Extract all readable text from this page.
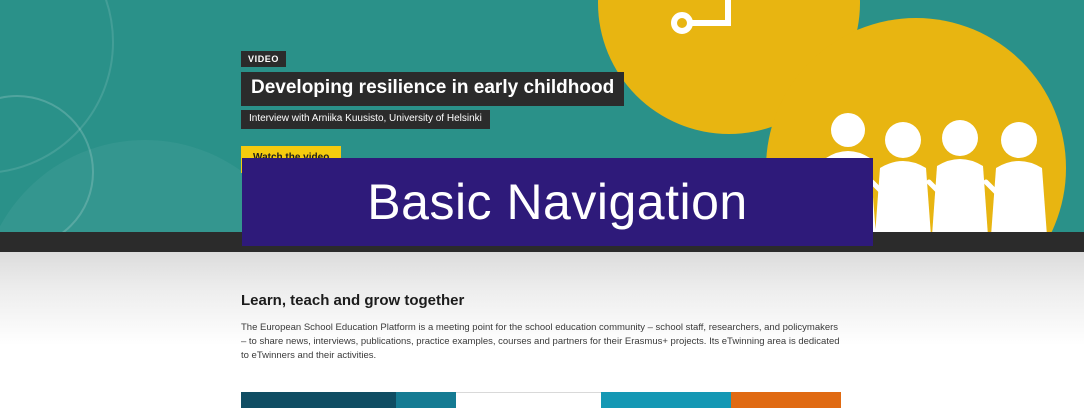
VIDEO
Developing resilience in early childhood
Interview with Arniika Kuusisto, University of Helsinki
Basic Navigation
Learn, teach and grow together
The European School Education Platform is a meeting point for the school education community – school staff, researchers, and policymakers – to share news, interviews, publications, practice examples, courses and partners for their Erasmus+ projects. Its eTwinning area is dedicated to eTwinners and their activities.
